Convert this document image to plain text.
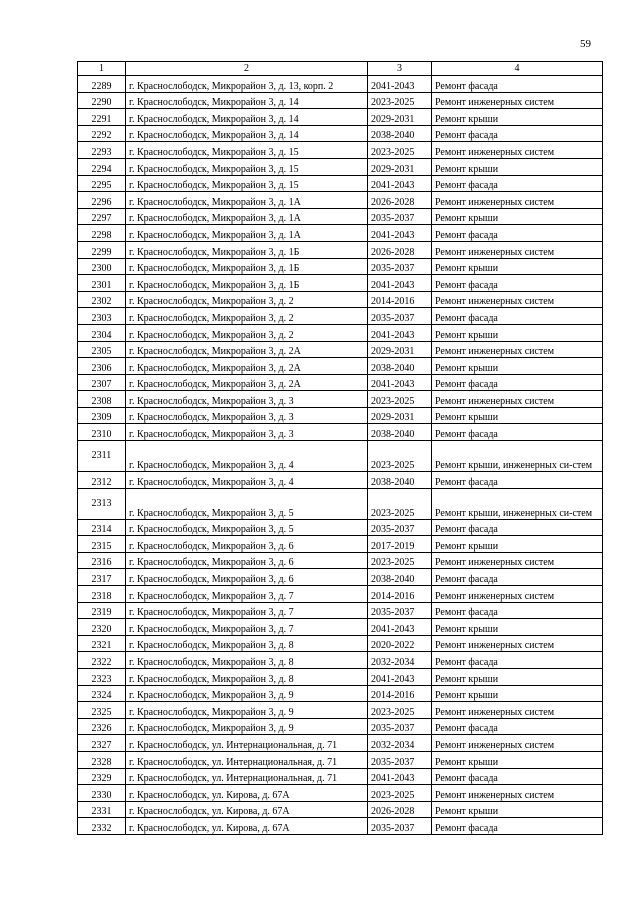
59
1	2	3	4
2289	г. Краснослободск, Микрорайон 3, д. 13, корп. 2	2041-2043	Ремонт фасада
2290	г. Краснослободск, Микрорайон 3, д. 14	2023-2025	Ремонт инженерных систем
2291	г. Краснослободск, Микрорайон 3, д. 14	2029-2031	Ремонт крыши
2292	г. Краснослободск, Микрорайон 3, д. 14	2038-2040	Ремонт фасада
2293	г. Краснослободск, Микрорайон 3, д. 15	2023-2025	Ремонт инженерных систем
2294	г. Краснослободск, Микрорайон 3, д. 15	2029-2031	Ремонт крыши
2295	г. Краснослободск, Микрорайон 3, д. 15	2041-2043	Ремонт фасада
2296	г. Краснослободск, Микрорайон 3, д. 1А	2026-2028	Ремонт инженерных систем
2297	г. Краснослободск, Микрорайон 3, д. 1А	2035-2037	Ремонт крыши
2298	г. Краснослободск, Микрорайон 3, д. 1А	2041-2043	Ремонт фасада
2299	г. Краснослободск, Микрорайон 3, д. 1Б	2026-2028	Ремонт инженерных систем
2300	г. Краснослободск, Микрорайон 3, д. 1Б	2035-2037	Ремонт крыши
2301	г. Краснослободск, Микрорайон 3, д. 1Б	2041-2043	Ремонт фасада
2302	г. Краснослободск, Микрорайон 3, д. 2	2014-2016	Ремонт инженерных систем
2303	г. Краснослободск, Микрорайон 3, д. 2	2035-2037	Ремонт фасада
2304	г. Краснослободск, Микрорайон 3, д. 2	2041-2043	Ремонт крыши
2305	г. Краснослободск, Микрорайон 3, д. 2А	2029-2031	Ремонт инженерных систем
2306	г. Краснослободск, Микрорайон 3, д. 2А	2038-2040	Ремонт крыши
2307	г. Краснослободск, Микрорайон 3, д. 2А	2041-2043	Ремонт фасада
2308	г. Краснослободск, Микрорайон 3, д. 3	2023-2025	Ремонт инженерных систем
2309	г. Краснослободск, Микрорайон 3, д. 3	2029-2031	Ремонт крыши
2310	г. Краснослободск, Микрорайон 3, д. 3	2038-2040	Ремонт фасада
2311	г. Краснослободск, Микрорайон 3, д. 4	2023-2025	Ремонт крыши, инженерных си-стем
2312	г. Краснослободск, Микрорайон 3, д. 4	2038-2040	Ремонт фасада
2313	г. Краснослободск, Микрорайон 3, д. 5	2023-2025	Ремонт крыши, инженерных си-стем
2314	г. Краснослободск, Микрорайон 3, д. 5	2035-2037	Ремонт фасада
2315	г. Краснослободск, Микрорайон 3, д. 6	2017-2019	Ремонт крыши
2316	г. Краснослободск, Микрорайон 3, д. 6	2023-2025	Ремонт инженерных систем
2317	г. Краснослободск, Микрорайон 3, д. 6	2038-2040	Ремонт фасада
2318	г. Краснослободск, Микрорайон 3, д. 7	2014-2016	Ремонт инженерных систем
2319	г. Краснослободск, Микрорайон 3, д. 7	2035-2037	Ремонт фасада
2320	г. Краснослободск, Микрорайон 3, д. 7	2041-2043	Ремонт крыши
2321	г. Краснослободск, Микрорайон 3, д. 8	2020-2022	Ремонт инженерных систем
2322	г. Краснослободск, Микрорайон 3, д. 8	2032-2034	Ремонт фасада
2323	г. Краснослободск, Микрорайон 3, д. 8	2041-2043	Ремонт крыши
2324	г. Краснослободск, Микрорайон 3, д. 9	2014-2016	Ремонт крыши
2325	г. Краснослободск, Микрорайон 3, д. 9	2023-2025	Ремонт инженерных систем
2326	г. Краснослободск, Микрорайон 3, д. 9	2035-2037	Ремонт фасада
2327	г. Краснослободск, ул. Интернациональная, д. 71	2032-2034	Ремонт инженерных систем
2328	г. Краснослободск, ул. Интернациональная, д. 71	2035-2037	Ремонт крыши
2329	г. Краснослободск, ул. Интернациональная, д. 71	2041-2043	Ремонт фасада
2330	г. Краснослободск, ул. Кирова, д. 67А	2023-2025	Ремонт инженерных систем
2331	г. Краснослободск, ул. Кирова, д. 67А	2026-2028	Ремонт крыши
2332	г. Краснослободск, ул. Кирова, д. 67А	2035-2037	Ремонт фасада
